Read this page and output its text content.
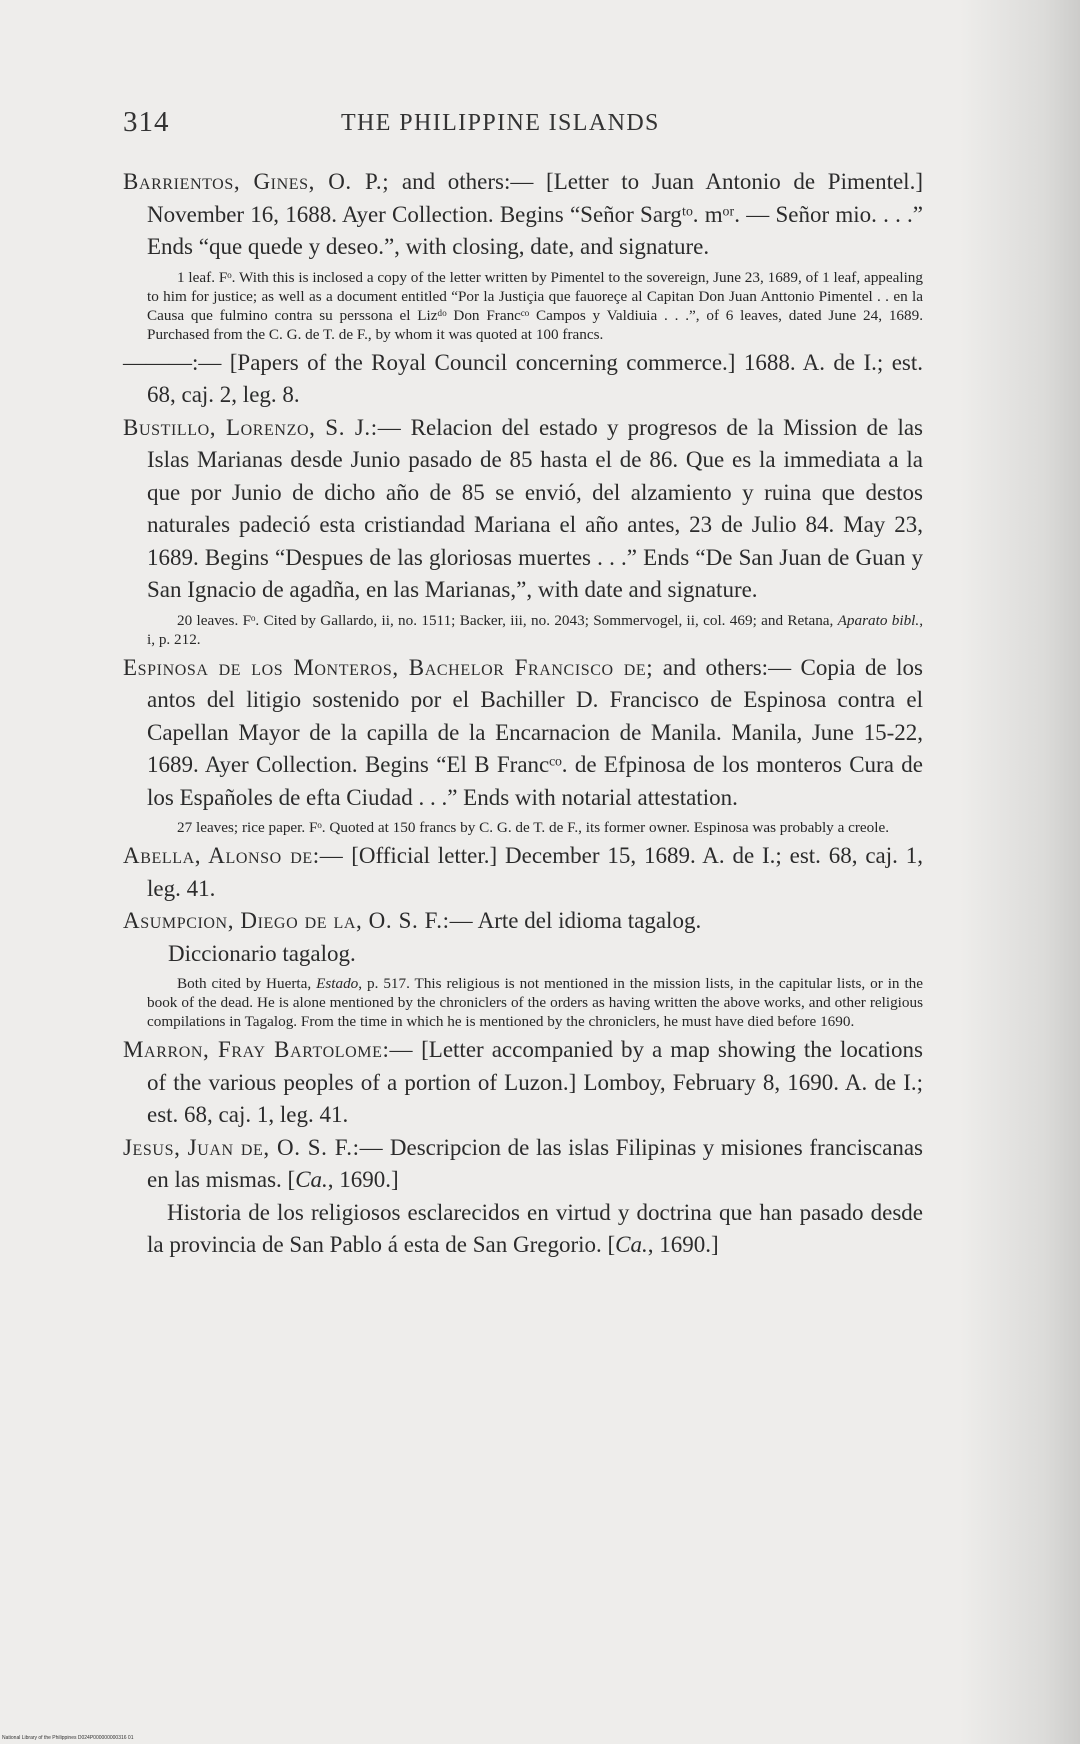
314	THE PHILIPPINE ISLANDS

Barrientos, Gines, O. P.; and others:— [Letter to Juan Antonio de Pimentel.] November 16, 1688. Ayer Collection. Begins “Señor Sargᵗᵒ. mᵒʳ. — Señor mio. . . .” Ends “que quede y deseo.”, with closing, date, and signature.

1 leaf. Fᵒ. With this is inclosed a copy of the letter written by Pimentel to the sovereign, June 23, 1689, of 1 leaf, appealing to him for justice; as well as a document entitled “Por la Justiçia que fauoreçe al Capitan Don Juan Anttonio Pimentel . . en la Causa que fulmino contra su perssona el Lizᵈᵒ Don Francᶜᵒ Campos y Valdiuia . . .”, of 6 leaves, dated June 24, 1689. Purchased from the C. G. de T. de F., by whom it was quoted at 100 francs.

———:— [Papers of the Royal Council concerning commerce.] 1688. A. de I.; est. 68, caj. 2, leg. 8.

Bustillo, Lorenzo, S. J.:— Relacion del estado y progresos de la Mission de las Islas Marianas desde Junio pasado de 85 hasta el de 86. Que es la immediata a la que por Junio de dicho año de 85 se envió, del alzamiento y ruina que destos naturales padeció esta cristiandad Mariana el año antes, 23 de Julio 84. May 23, 1689. Begins “Despues de las gloriosas muertes . . .” Ends “De San Juan de Guan y San Ignacio de agadña, en las Marianas,”, with date and signature.

20 leaves. Fᵒ. Cited by Gallardo, ii, no. 1511; Backer, iii, no. 2043; Sommervogel, ii, col. 469; and Retana, Aparato bibl., i, p. 212.

Espinosa de los Monteros, Bachelor Francisco de; and others:— Copia de los antos del litigio sostenido por el Bachiller D. Francisco de Espinosa contra el Capellan Mayor de la capilla de la Encarnacion de Manila. Manila, June 15-22, 1689. Ayer Collection. Begins “El B Francᶜᵒ. de Efpinosa de los monteros Cura de los Españoles de efta Ciudad . . .” Ends with notarial attestation.

27 leaves; rice paper. Fᵒ. Quoted at 150 francs by C. G. de T. de F., its former owner. Espinosa was probably a creole.

Abella, Alonso de:— [Official letter.] December 15, 1689. A. de I.; est. 68, caj. 1, leg. 41.

Asumpcion, Diego de la, O. S. F.:— Arte del idioma tagalog.

Diccionario tagalog.

Both cited by Huerta, Estado, p. 517. This religious is not mentioned in the mission lists, in the capitular lists, or in the book of the dead. He is alone mentioned by the chroniclers of the orders as having written the above works, and other religious compilations in Tagalog. From the time in which he is mentioned by the chroniclers, he must have died before 1690.

Marron, Fray Bartolome:— [Letter accompanied by a map showing the locations of the various peoples of a portion of Luzon.] Lomboy, February 8, 1690. A. de I.; est. 68, caj. 1, leg. 41.

Jesus, Juan de, O. S. F.:— Descripcion de las islas Filipinas y misiones franciscanas en las mismas. [Ca., 1690.]

Historia de los religiosos esclarecidos en virtud y doctrina que han pasado desde la provincia de San Pablo á esta de San Gregorio. [Ca., 1690.]

National Library of the Philippines D024P000000000316 01
